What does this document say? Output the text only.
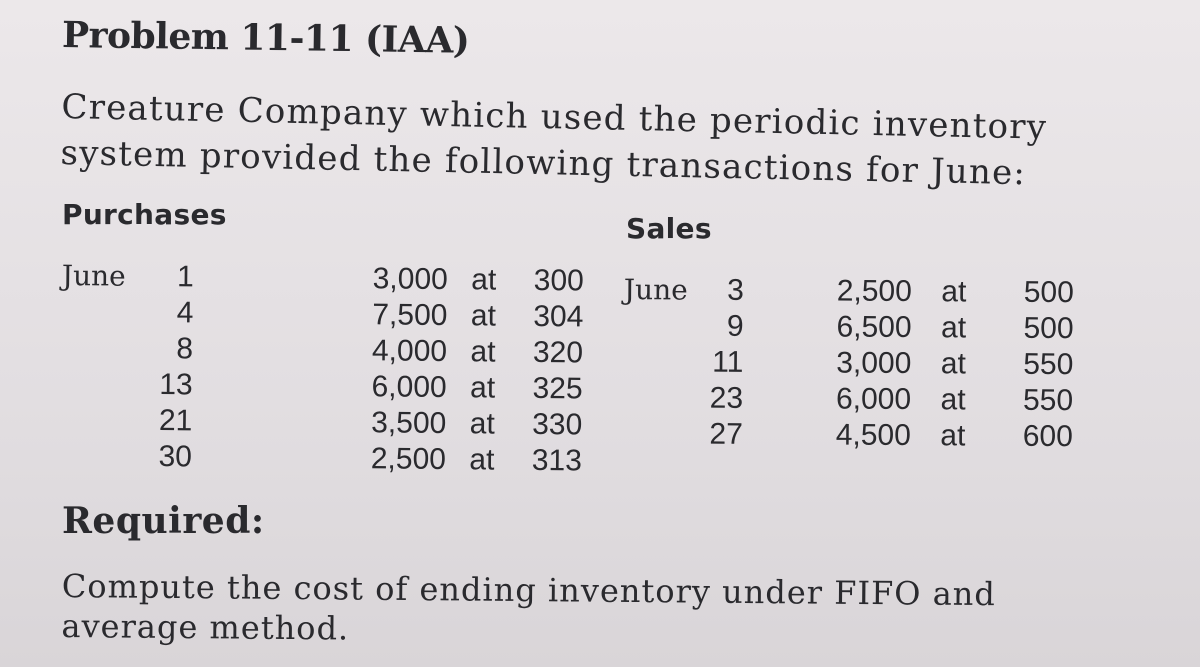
Problem 11-11 (IAA)
Creature Company which used the periodic inventory
system provided the following transactions for June:
Purchases	Sales
June	1	3,000 at	300
4	7,500 at	304
8	4,000 at	320
13	6,000 at	325
21	3,500 at	330
30	2,500 at	313
June	3	2,500 at	500
9	6,500 at	500
11	3,000 at	550
23	6,000 at	550
27	4,500 at	600
Required:
Compute the cost of ending inventory under FIFO and
average method.
